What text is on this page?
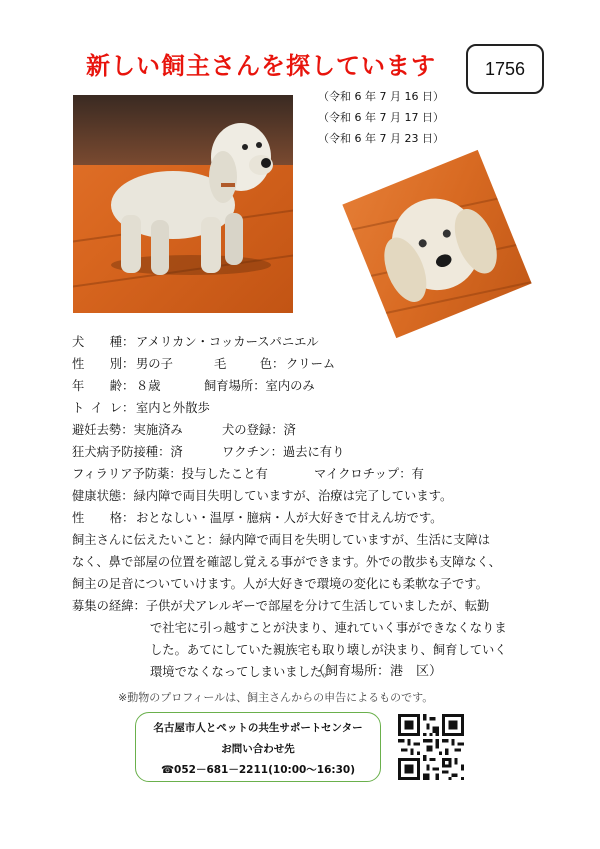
新しい飼主さんを探しています	1756
（令和 6 年 7 月 16 日）
（令和 6 年 7 月 17 日）
（令和 6 年 7 月 23 日）
犬 種： アメリカン・コッカースパニエル
性 別： 男の子	毛 色： クリーム
年 齢： ８歳	飼育場所：室内のみ
トイレ： 室内と外散歩
避妊去勢：実施済み	犬の登録：済
狂犬病予防接種：済	ワクチン：過去に有り
フィラリア予防薬：投与したこと有	マイクロチップ：有
健康状態：緑内障で両目失明していますが、治療は完了しています。
性 格： おとなしい・温厚・臆病・人が大好きで甘えん坊です。
飼主さんに伝えたいこと：緑内障で両目を失明していますが、生活に支障は
なく、鼻で部屋の位置を確認し覚える事ができます。外での散歩も支障なく、
飼主の足音についていけます。人が大好きで環境の変化にも柔軟な子です。
募集の経緯：子供が犬アレルギーで部屋を分けて生活していましたが、転勤
で社宅に引っ越すことが決まり、連れていく事ができなくなりま
した。あてにしていた親族宅も取り壊しが決まり、飼育していく
環境でなくなってしまいました。
（飼育場所：港　区）
※動物のプロフィールは、飼主さんからの申告によるものです。
名古屋市人とペットの共生サポートセンター
お問い合わせ先
☎052－681－2211(10:00～16:30)
